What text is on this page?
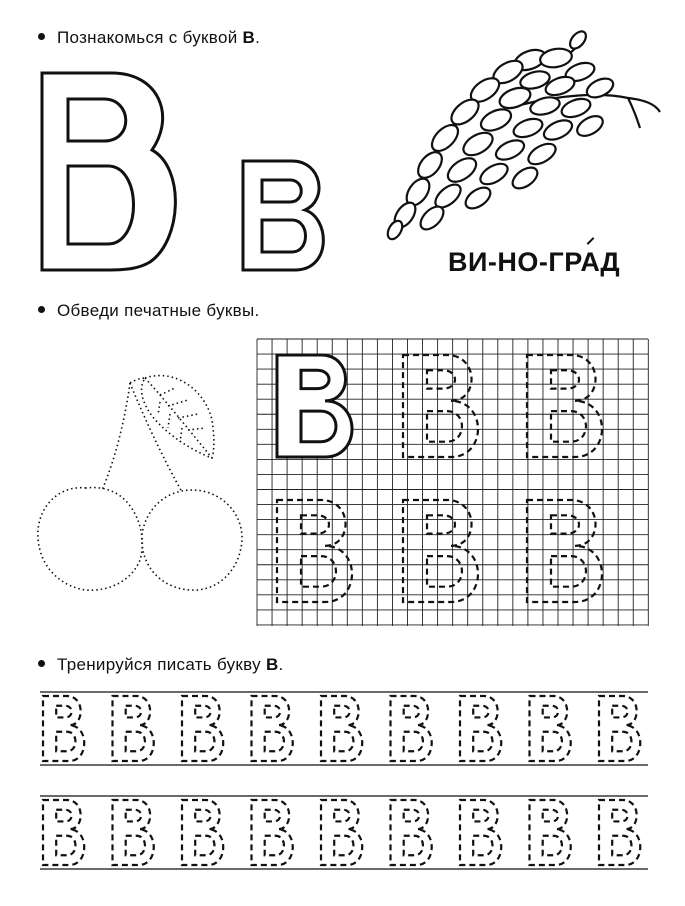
Познакомься с буквой В.
Обведи печатные буквы.
Тренируйся писать букву В.
ВИ-НО-ГРАД
